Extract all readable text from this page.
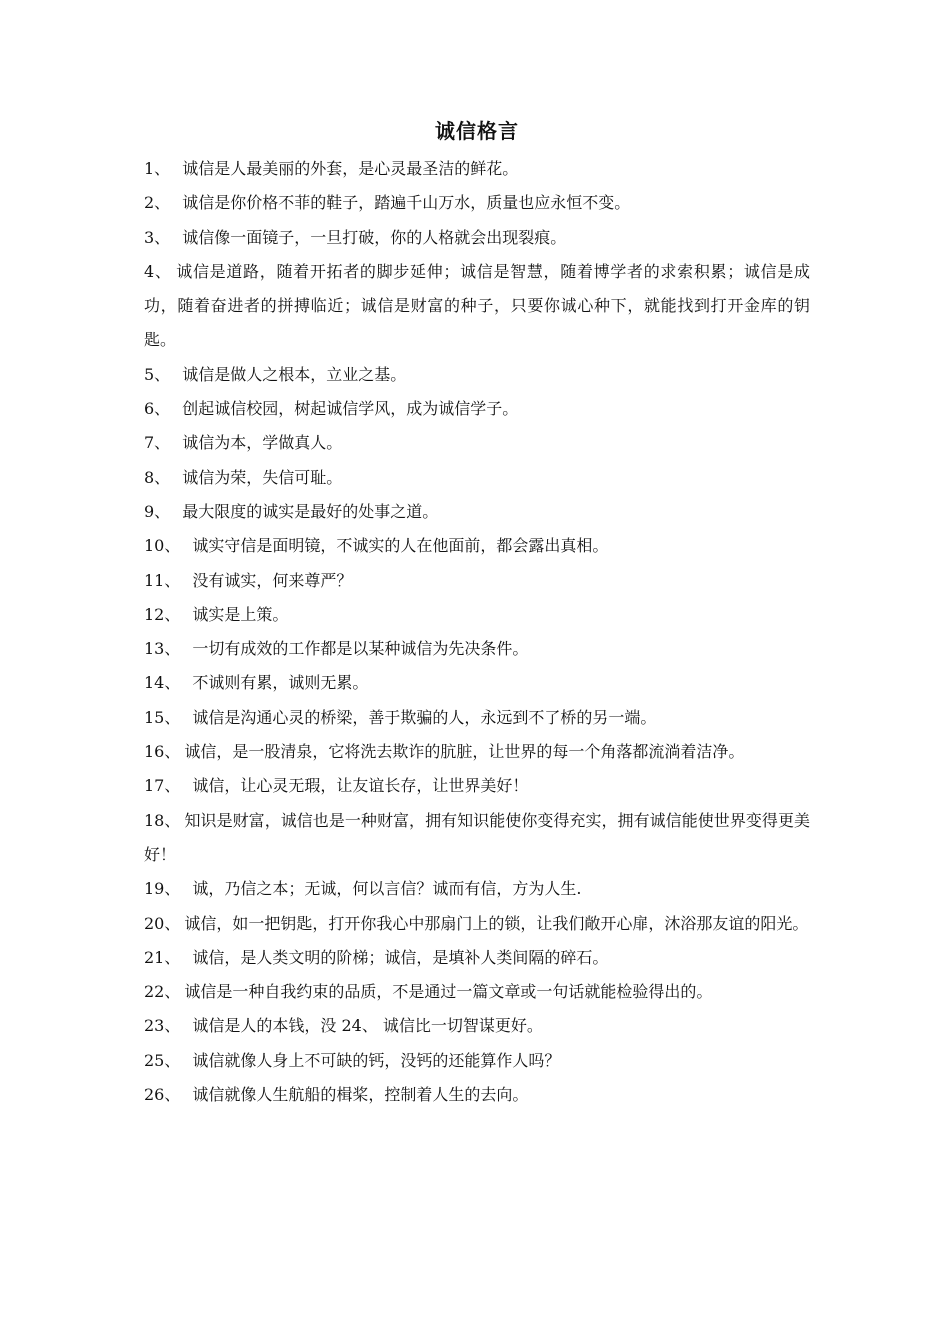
诚信格言
1、 诚信是人最美丽的外套，是心灵最圣洁的鲜花。
2、 诚信是你价格不菲的鞋子，踏遍千山万水，质量也应永恒不变。
3、 诚信像一面镜子，一旦打破，你的人格就会出现裂痕。
4、 诚信是道路，随着开拓者的脚步延伸；诚信是智慧，随着博学者的求索积累；诚信是成功，随着奋进者的拼搏临近；诚信是财富的种子，只要你诚心种下，就能找到打开金库的钥匙。
5、 诚信是做人之根本，立业之基。
6、 创起诚信校园，树起诚信学风，成为诚信学子。
7、 诚信为本，学做真人。
8、 诚信为荣，失信可耻。
9、 最大限度的诚实是最好的处事之道。
10、 诚实守信是面明镜，不诚实的人在他面前，都会露出真相。
11、 没有诚实，何来尊严？
12、 诚实是上策。
13、 一切有成效的工作都是以某种诚信为先决条件。
14、 不诚则有累，诚则无累。
15、 诚信是沟通心灵的桥梁，善于欺骗的人，永远到不了桥的另一端。
16、 诚信，是一股清泉，它将洗去欺诈的肮脏，让世界的每一个角落都流淌着洁净。
17、 诚信，让心灵无瑕，让友谊长存，让世界美好！
18、 知识是财富，诚信也是一种财富，拥有知识能使你变得充实，拥有诚信能使世界变得更美好！
19、 诚，乃信之本；无诚，何以言信？诚而有信，方为人生.
20、 诚信，如一把钥匙，打开你我心中那扇门上的锁，让我们敞开心扉，沐浴那友谊的阳光。
21、 诚信，是人类文明的阶梯；诚信，是填补人类间隔的碎石。
22、 诚信是一种自我约束的品质，不是通过一篇文章或一句话就能检验得出的。
23、 诚信是人的本钱，没 24、 诚信比一切智谋更好。
25、 诚信就像人身上不可缺的钙，没钙的还能算作人吗？
26、 诚信就像人生航船的楫桨，控制着人生的去向。
